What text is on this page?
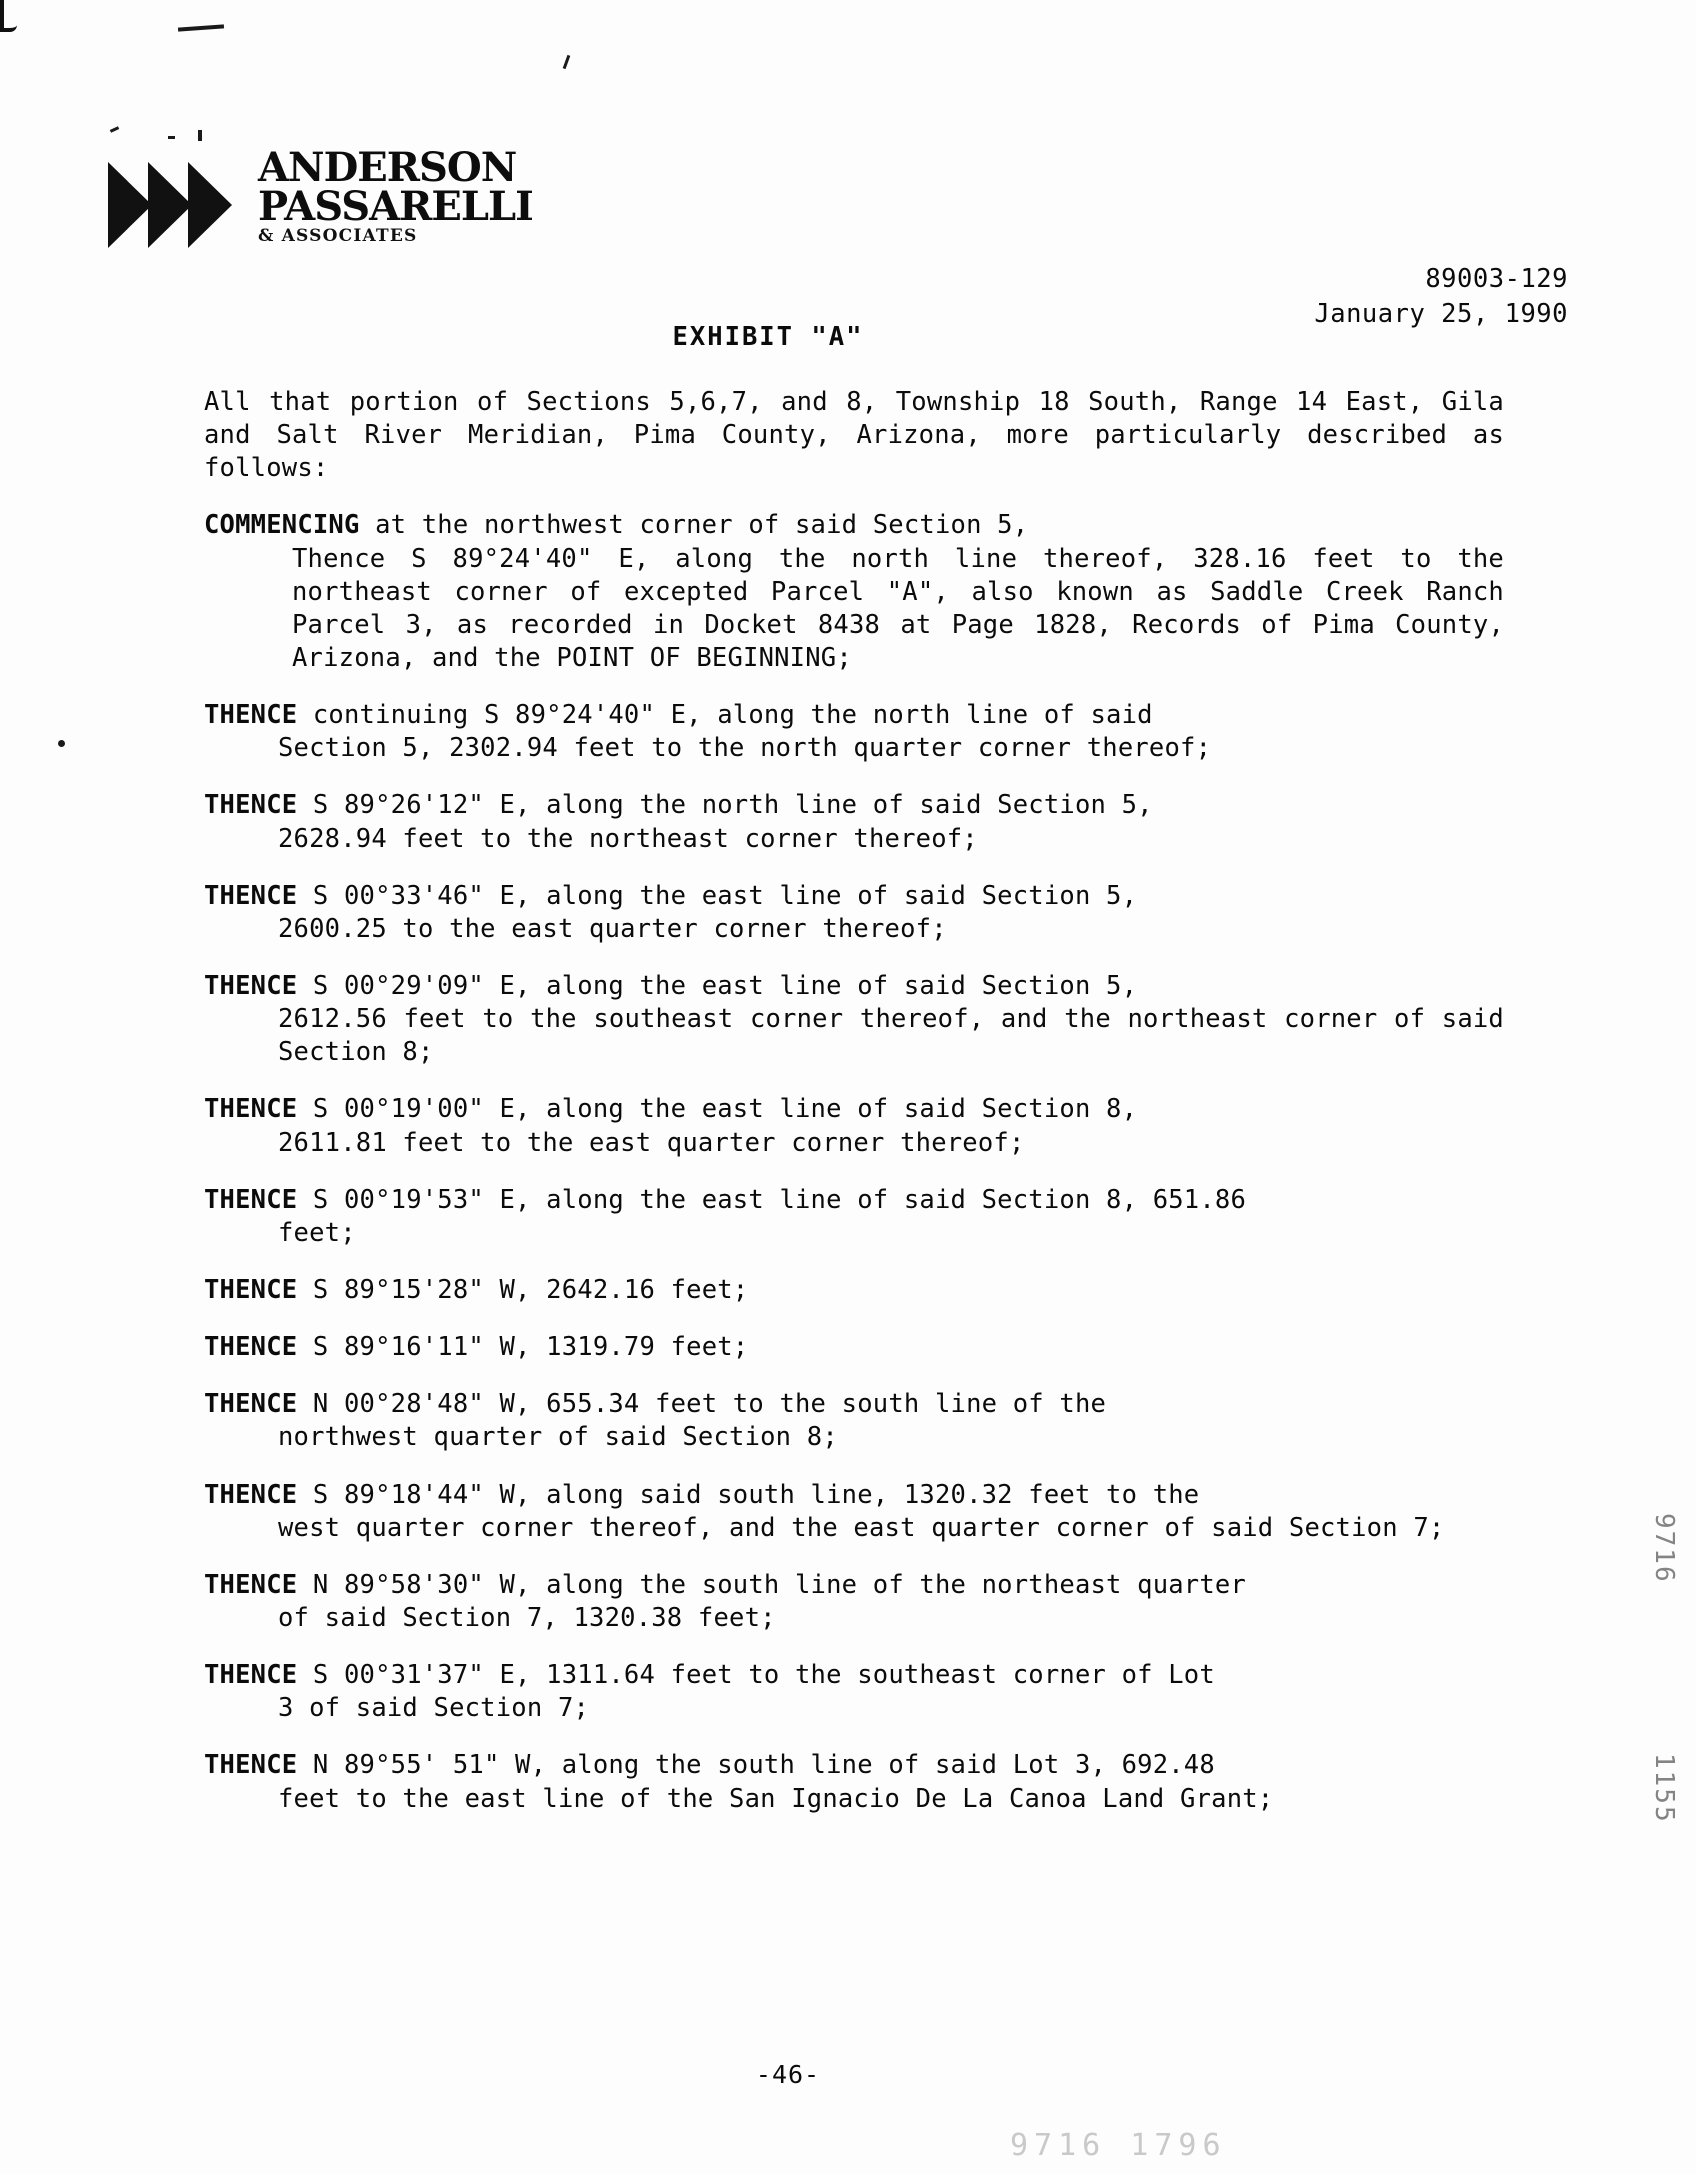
ANDERSON
PASSARELLI
& ASSOCIATES
89003-129
January 25, 1990
EXHIBIT "A"
All that portion of Sections 5,6,7, and 8, Township 18 South, Range 14 East, Gila and Salt River Meridian, Pima County, Arizona, more particularly described as follows:
COMMENCING at the northwest corner of said Section 5,
Thence S 89°24'40" E, along the north line thereof, 328.16 feet to the northeast corner of excepted Parcel "A", also known as Saddle Creek Ranch Parcel 3, as recorded in Docket 8438 at Page 1828, Records of Pima County, Arizona, and the POINT OF BEGINNING;
THENCE continuing S 89°24'40" E, along the north line of said
Section 5, 2302.94 feet to the north quarter corner thereof;
THENCE S 89°26'12" E, along the north line of said Section 5,
2628.94 feet to the northeast corner thereof;
THENCE S 00°33'46" E, along the east line of said Section 5,
2600.25 to the east quarter corner thereof;
THENCE S 00°29'09" E, along the east line of said Section 5,
2612.56 feet to the southeast corner thereof, and the northeast corner of said Section 8;
THENCE S 00°19'00" E, along the east line of said Section 8,
2611.81 feet to the east quarter corner thereof;
THENCE S 00°19'53" E, along the east line of said Section 8, 651.86
feet;
THENCE S 89°15'28" W, 2642.16 feet;
THENCE S 89°16'11" W, 1319.79 feet;
THENCE N 00°28'48" W, 655.34 feet to the south line of the
northwest quarter of said Section 8;
THENCE S 89°18'44" W, along said south line, 1320.32 feet to the
west quarter corner thereof, and the east quarter corner of said Section 7;
THENCE N 89°58'30" W, along the south line of the northeast quarter
of said Section 7, 1320.38 feet;
THENCE S 00°31'37" E, 1311.64 feet to the southeast corner of Lot
3 of said Section 7;
THENCE N 89°55' 51" W, along the south line of said Lot 3, 692.48
feet to the east line of the San Ignacio De La Canoa Land Grant;
-46-
9716
1155
9716 1796
